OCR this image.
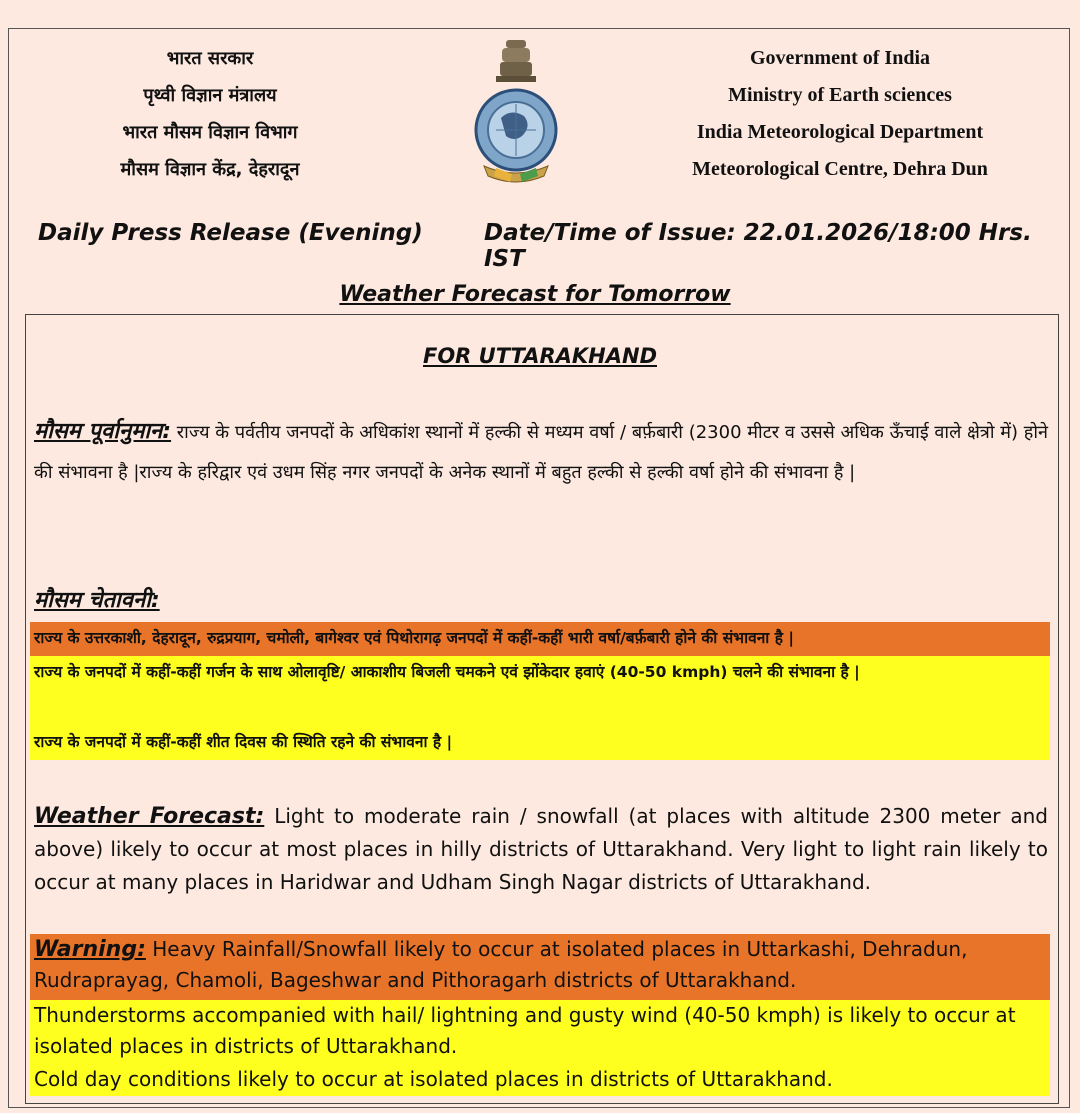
भारत सरकार
पृथ्वी विज्ञान मंत्रालय
भारत मौसम विज्ञान विभाग
मौसम विज्ञान केंद्र, देहरादून
Government of India
Ministry of Earth sciences
India Meteorological Department
Meteorological Centre, Dehra Dun
Daily Press Release (Evening)	Date/Time of Issue: 22.01.2026/18:00 Hrs. IST
Weather Forecast for Tomorrow
FOR UTTARAKHAND
मौसम पूर्वानुमान: राज्य के पर्वतीय जनपदों के अधिकांश स्थानों में हल्की से मध्यम वर्षा / बर्फ़बारी (2300 मीटर व उससे अधिक ऊँचाई वाले क्षेत्रो में) होने की संभावना है |राज्य के हरिद्वार एवं उधम सिंह नगर जनपदों के अनेक स्थानों में बहुत हल्की से हल्की वर्षा होने की संभावना है |
मौसम चेतावनी:
राज्य के उत्तरकाशी, देहरादून, रुद्रप्रयाग, चमोली, बागेश्वर एवं पिथोरागढ़ जनपदों में कहीं-कहीं भारी वर्षा/बर्फ़बारी होने की संभावना है |
राज्य के जनपदों में कहीं-कहीं गर्जन के साथ ओलावृष्टि/ आकाशीय बिजली चमकने एवं झोंकेदार हवाएं (40-50 kmph) चलने की संभावना है |
राज्य के जनपदों में कहीं-कहीं शीत दिवस की स्थिति रहने की संभावना है |
Weather Forecast: Light to moderate rain / snowfall (at places with altitude 2300 meter and above) likely to occur at most places in hilly districts of Uttarakhand. Very light to light rain likely to occur at many places in Haridwar and Udham Singh Nagar districts of Uttarakhand.
Warning: Heavy Rainfall/Snowfall likely to occur at isolated places in Uttarkashi, Dehradun, Rudraprayag, Chamoli, Bageshwar and Pithoragarh districts of Uttarakhand.
Thunderstorms accompanied with hail/ lightning and gusty wind (40-50 kmph) is likely to occur at isolated places in districts of Uttarakhand.
Cold day conditions likely to occur at isolated places in districts of Uttarakhand.
